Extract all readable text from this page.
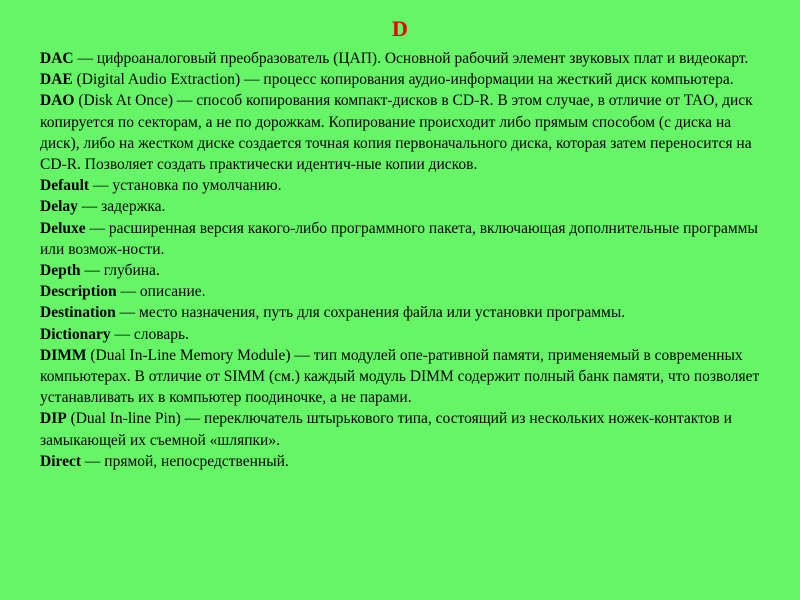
D

DAC — цифроаналоговый преобразователь (ЦАП). Основной рабочий элемент звуковых плат и видеокарт.

DAE (Digital Audio Extraction) — процесс копирования аудио-информации на жесткий диск компьютера.

DAO (Disk At Once) — способ копирования компакт-дисков в CD-R. В этом случае, в отличие от TAO, диск копируется по секторам, а не по дорожкам. Копирование происходит либо прямым способом (с диска на диск), либо на жестком диске создается точная копия первоначального диска, которая затем переносится на CD-R. Позволяет создать практически идентич-ные копии дисков.

Default — установка по умолчанию.

Delay — задержка.

Deluxe — расширенная версия какого-либо программного пакета, включающая дополнительные программы или возмож-ности.

Depth — глубина.

Description — описание.

Destination — место назначения, путь для сохранения файла или установки программы.

Dictionary — словарь.

DIMM (Dual In-Line Memory Module) — тип модулей опе-ративной памяти, применяемый в современных компьютерах. В отличие от SIMM (см.) каждый модуль DIMM содержит полный банк памяти, что позволяет устанавливать их в компьютер поодиночке, а не парами.

DIP (Dual In-line Pin) — переключатель штырькового типа, состоящий из нескольких ножек-контактов и замыкающей их съемной «шляпки».

Direct — прямой, непосредственный.
